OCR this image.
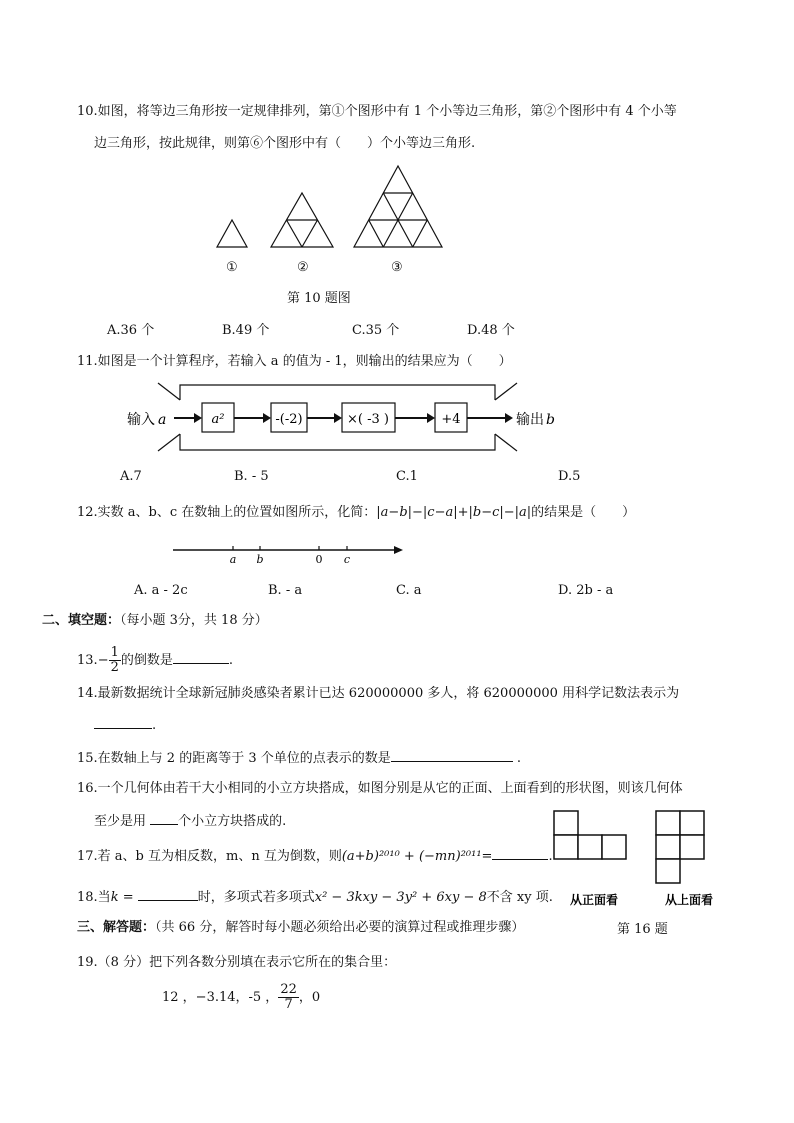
10.如图，将等边三角形按一定规律排列，第①个图形中有 1 个小等边三角形，第②个图形中有 4 个小等
边三角形，按此规律，则第⑥个图形中有（　　）个小等边三角形.
①	②	③
第 10 题图
A.36 个	B.49 个	C.35 个	D.48 个
11.如图是一个计算程序，若输入 a 的值为 - 1，则输出的结果应为（　　）
输入 a	a²	-(-2)	×( -3 )	+4	输出 b
A.7	B. - 5	C.1	D.5
12.实数 a、b、c 在数轴上的位置如图所示，化简：|a−b|−|c−a|+|b−c|−|a|的结果是（　　）
a b	0 c
A. a - 2c	B. - a	C. a	D. 2b - a
二、填空题：（每小题 3分，共 18 分）
$13.- \frac{1}{2}$ 的倒数是	.
14.最新数据统计全球新冠肺炎感染者累计已达 620000000 多人，将 620000000 用科学记数法表示为
.
15.在数轴上与 2 的距离等于 3 个单位的点表示的数是	.
16.一个几何体由若干大小相同的小立方块搭成，如图分别是从它的正面、上面看到的形状图，则该几何体
至少是用 个小立方块搭成的.
17.若 a、b 互为相反数，m、n 互为倒数，则(a+b)²⁰¹⁰ + (−mn)²⁰¹¹=	.
18.当k =	时，多项式若多项式x² − 3kxy − 3y² + 6xy − 8不含 xy 项. 从正面看	从上面看
三、解答题：（共 66 分，解答时每小题必须给出必要的演算过程或推理步骤）	第 16 题
19.（8 分）把下列各数分别填在表示它所在的集合里：
12 ，−3.14，-5 ， $\frac{22}{7}$ ，0
